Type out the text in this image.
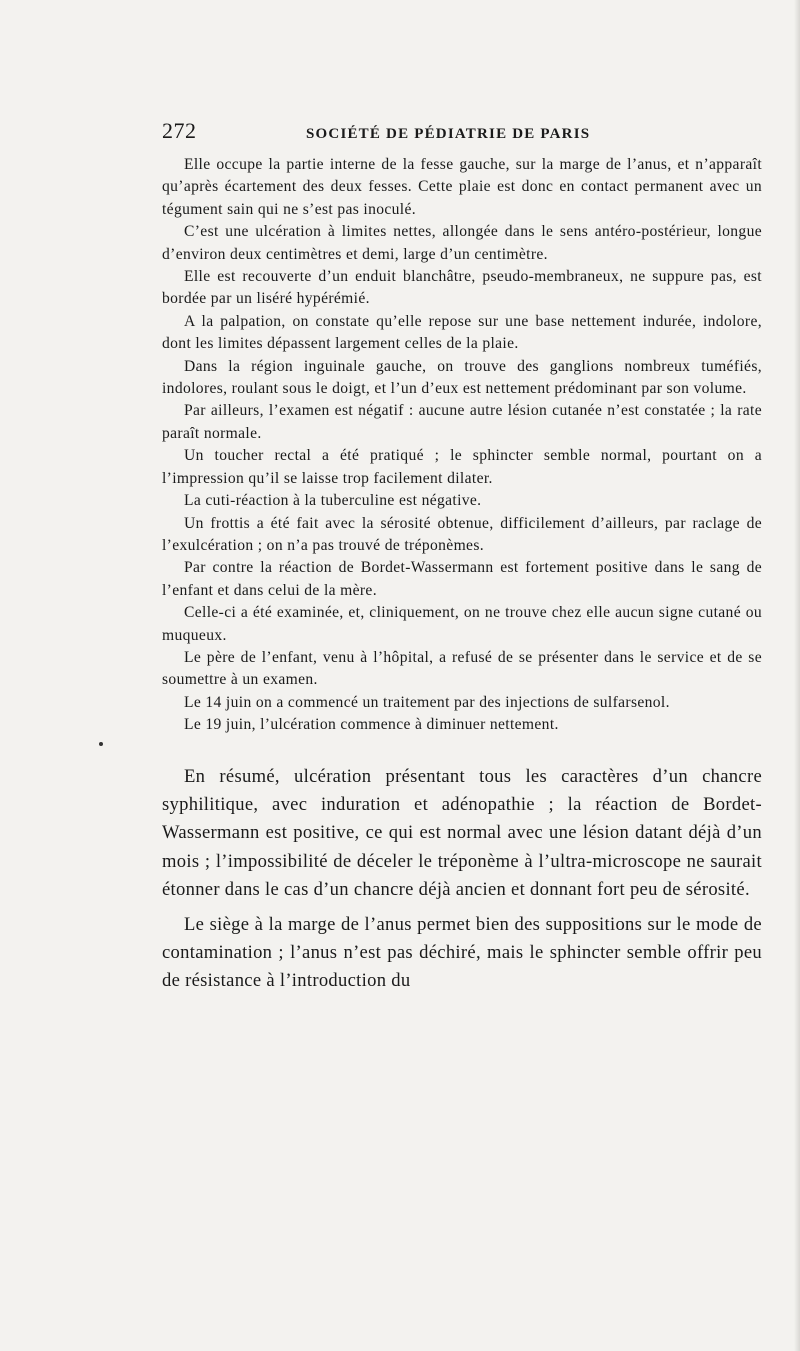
272	SOCIÉTÉ DE PÉDIATRIE DE PARIS

Elle occupe la partie interne de la fesse gauche, sur la marge de l’anus, et n’apparaît qu’après écartement des deux fesses. Cette plaie est donc en contact permanent avec un tégument sain qui ne s’est pas inoculé.

C’est une ulcération à limites nettes, allongée dans le sens antéro-postérieur, longue d’environ deux centimètres et demi, large d’un centimètre.

Elle est recouverte d’un enduit blanchâtre, pseudo-membraneux, ne suppure pas, est bordée par un liséré hypérémié.

A la palpation, on constate qu’elle repose sur une base nettement indurée, indolore, dont les limites dépassent largement celles de la plaie.

Dans la région inguinale gauche, on trouve des ganglions nombreux tuméfiés, indolores, roulant sous le doigt, et l’un d’eux est nettement prédominant par son volume.

Par ailleurs, l’examen est négatif : aucune autre lésion cutanée n’est constatée ; la rate paraît normale.

Un toucher rectal a été pratiqué ; le sphincter semble normal, pourtant on a l’impression qu’il se laisse trop facilement dilater.

La cuti-réaction à la tuberculine est négative.

Un frottis a été fait avec la sérosité obtenue, difficilement d’ailleurs, par raclage de l’exulcération ; on n’a pas trouvé de tréponèmes.

Par contre la réaction de Bordet-Wassermann est fortement positive dans le sang de l’enfant et dans celui de la mère.

Celle-ci a été examinée, et, cliniquement, on ne trouve chez elle aucun signe cutané ou muqueux.

Le père de l’enfant, venu à l’hôpital, a refusé de se présenter dans le service et de se soumettre à un examen.

Le 14 juin on a commencé un traitement par des injections de sulfarsenol.

Le 19 juin, l’ulcération commence à diminuer nettement.

En résumé, ulcération présentant tous les caractères d’un chancre syphilitique, avec induration et adénopathie ; la réaction de Bordet-Wassermann est positive, ce qui est normal avec une lésion datant déjà d’un mois ; l’impossibilité de déceler le tréponème à l’ultra-microscope ne saurait étonner dans le cas d’un chancre déjà ancien et donnant fort peu de sérosité.

Le siège à la marge de l’anus permet bien des suppositions sur le mode de contamination ; l’anus n’est pas déchiré, mais le sphincter semble offrir peu de résistance à l’introduction du
